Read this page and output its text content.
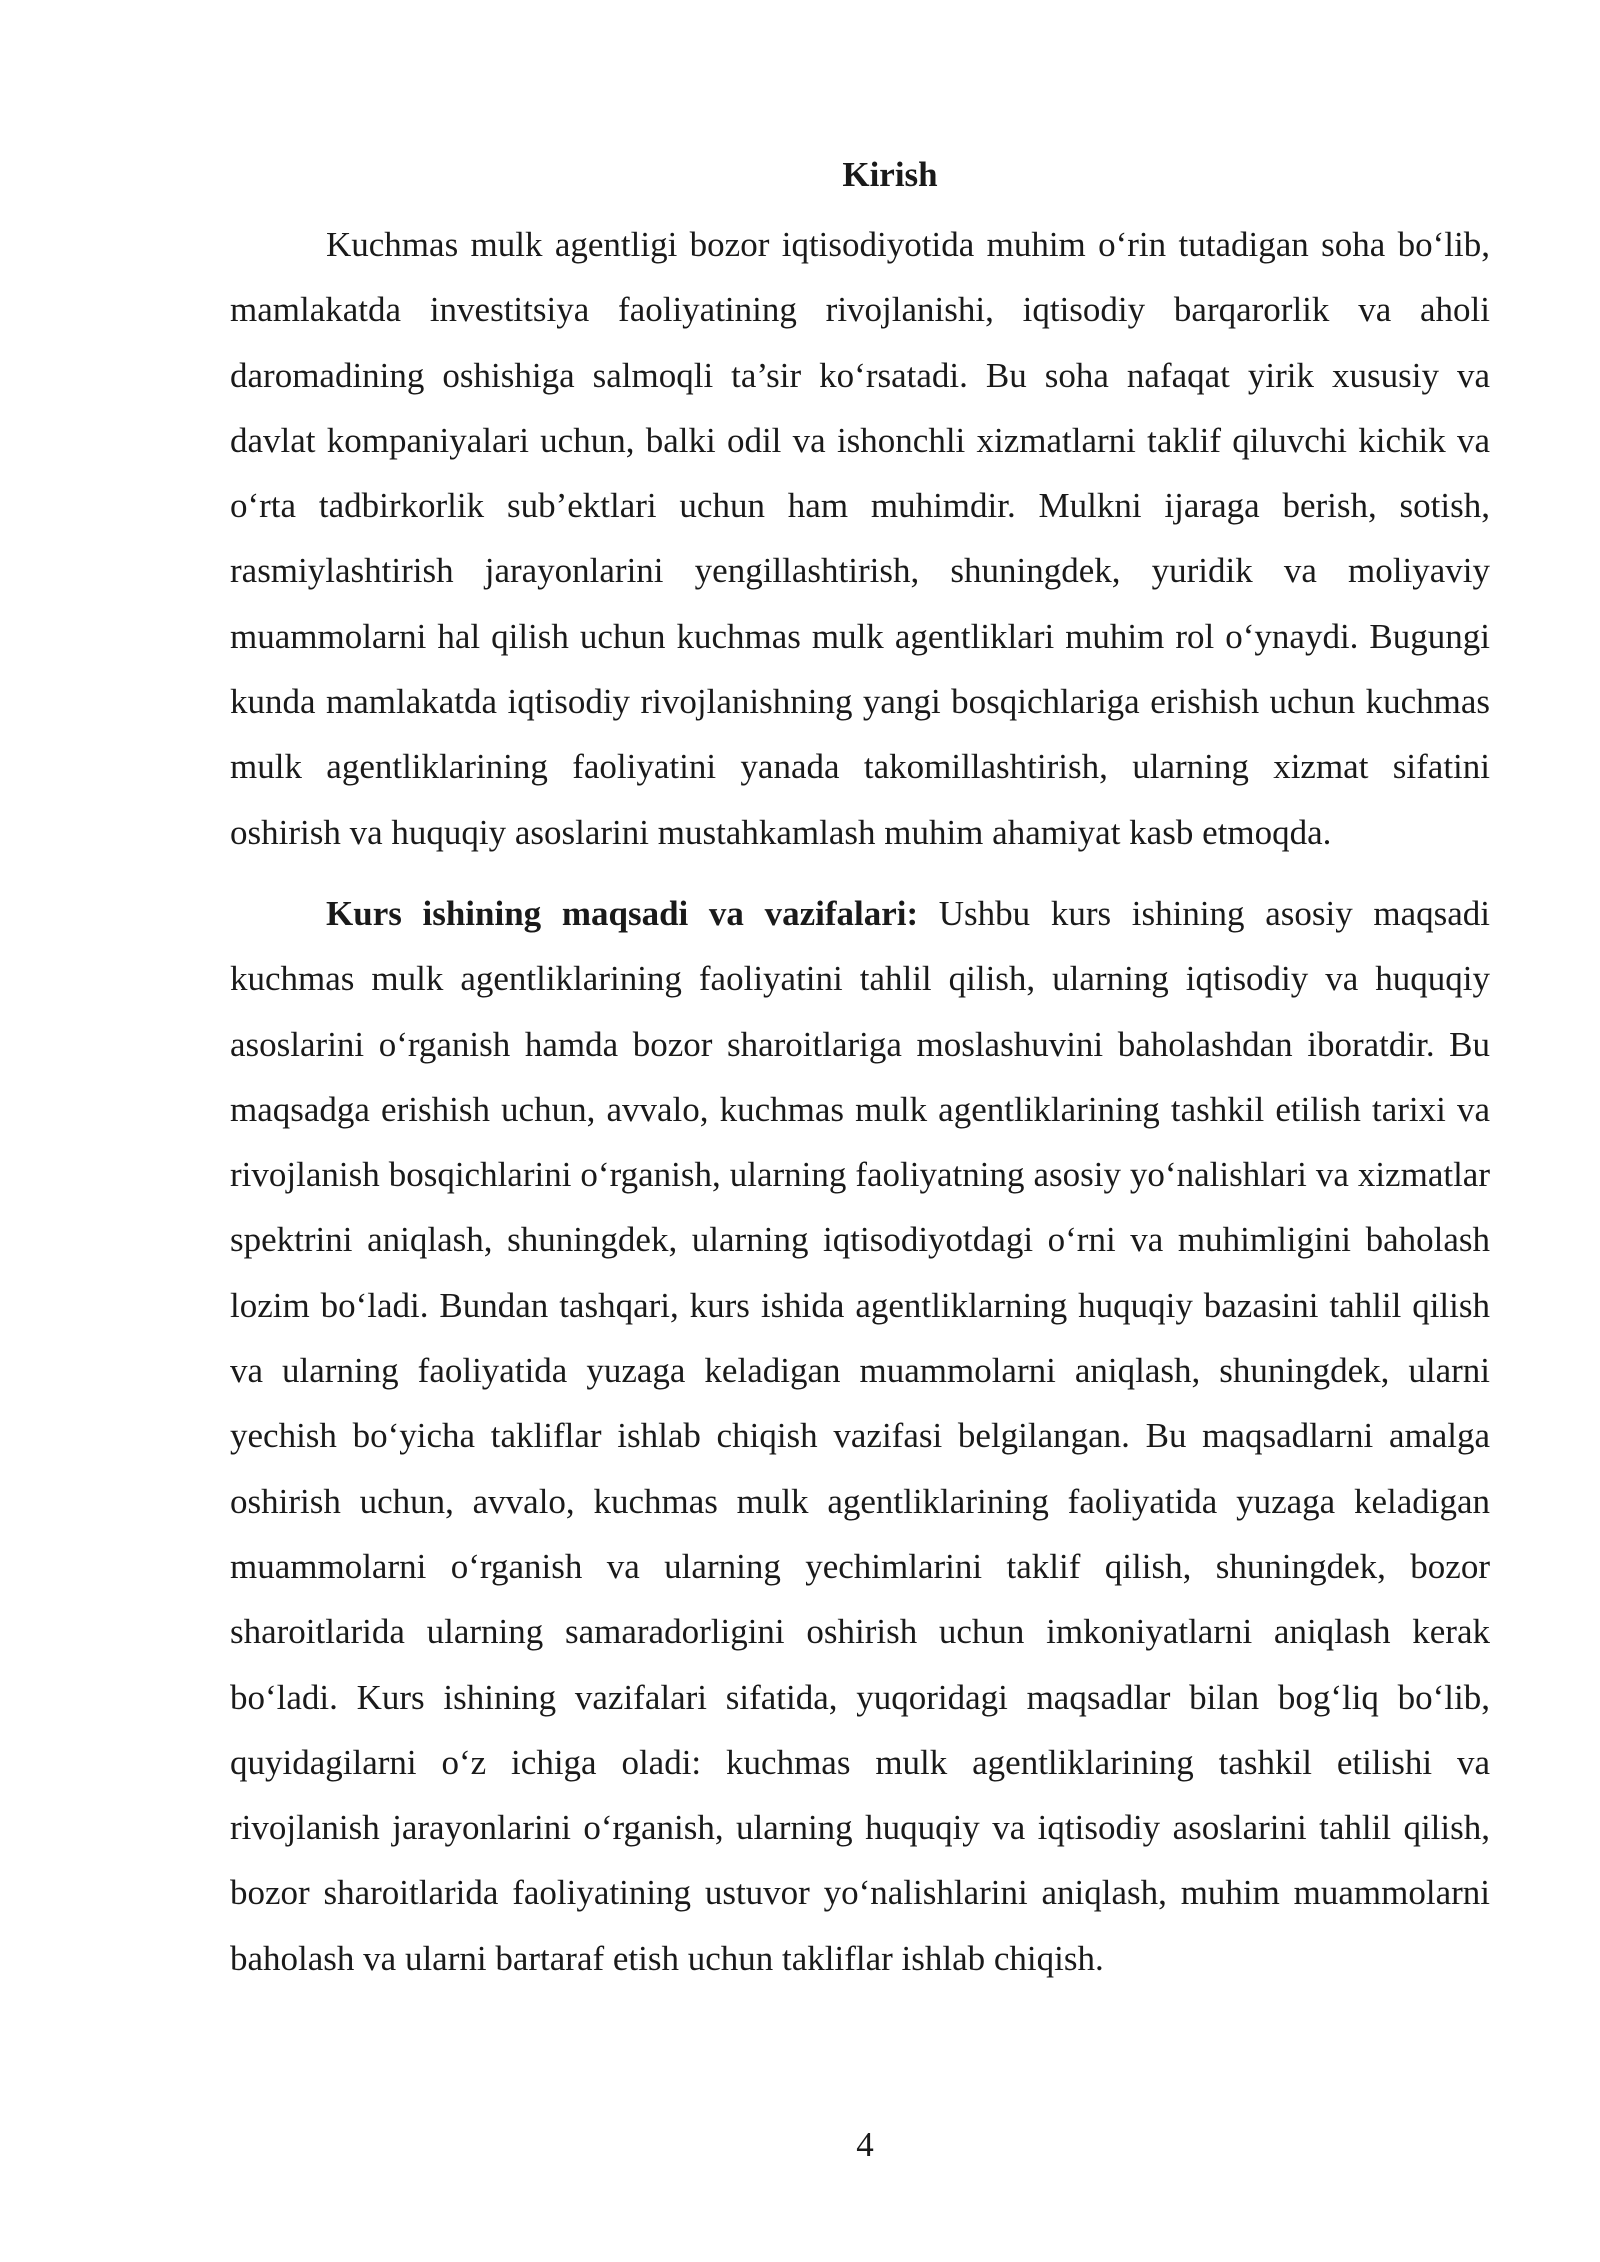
Kirish

Kuchmas mulk agentligi bozor iqtisodiyotida muhim o‘rin tutadigan soha bo‘lib, mamlakatda investitsiya faoliyatining rivojlanishi, iqtisodiy barqarorlik va aholi daromadining oshishiga salmoqli ta’sir ko‘rsatadi. Bu soha nafaqat yirik xususiy va davlat kompaniyalari uchun, balki odil va ishonchli xizmatlarni taklif qiluvchi kichik va o‘rta tadbirkorlik sub’ektlari uchun ham muhimdir. Mulkni ijaraga berish, sotish, rasmiylashtirish jarayonlarini yengillashtirish, shuningdek, yuridik va moliyaviy muammolarni hal qilish uchun kuchmas mulk agentliklari muhim rol o‘ynaydi. Bugungi kunda mamlakatda iqtisodiy rivojlanishning yangi bosqichlariga erishish uchun kuchmas mulk agentliklarining faoliyatini yanada takomillashtirish, ularning xizmat sifatini oshirish va huquqiy asoslarini mustahkamlash muhim ahamiyat kasb etmoqda.

Kurs ishining maqsadi va vazifalari: Ushbu kurs ishining asosiy maqsadi kuchmas mulk agentliklarining faoliyatini tahlil qilish, ularning iqtisodiy va huquqiy asoslarini o‘rganish hamda bozor sharoitlariga moslashuvini baholashdan iboratdir. Bu maqsadga erishish uchun, avvalo, kuchmas mulk agentliklarining tashkil etilish tarixi va rivojlanish bosqichlarini o‘rganish, ularning faoliyatning asosiy yo‘nalishlari va xizmatlar spektrini aniqlash, shuningdek, ularning iqtisodiyotdagi o‘rni va muhimligini baholash lozim bo‘ladi. Bundan tashqari, kurs ishida agentliklarning huquqiy bazasini tahlil qilish va ularning faoliyatida yuzaga keladigan muammolarni aniqlash, shuningdek, ularni yechish bo‘yicha takliflar ishlab chiqish vazifasi belgilangan. Bu maqsadlarni amalga oshirish uchun, avvalo, kuchmas mulk agentliklarining faoliyatida yuzaga keladigan muammolarni o‘rganish va ularning yechimlarini taklif qilish, shuningdek, bozor sharoitlarida ularning samaradorligini oshirish uchun imkoniyatlarni aniqlash kerak bo‘ladi. Kurs ishining vazifalari sifatida, yuqoridagi maqsadlar bilan bog‘liq bo‘lib, quyidagilarni o‘z ichiga oladi: kuchmas mulk agentliklarining tashkil etilishi va rivojlanish jarayonlarini o‘rganish, ularning huquqiy va iqtisodiy asoslarini tahlil qilish, bozor sharoitlarida faoliyatining ustuvor yo‘nalishlarini aniqlash, muhim muammolarni baholash va ularni bartaraf etish uchun takliflar ishlab chiqish.

4
